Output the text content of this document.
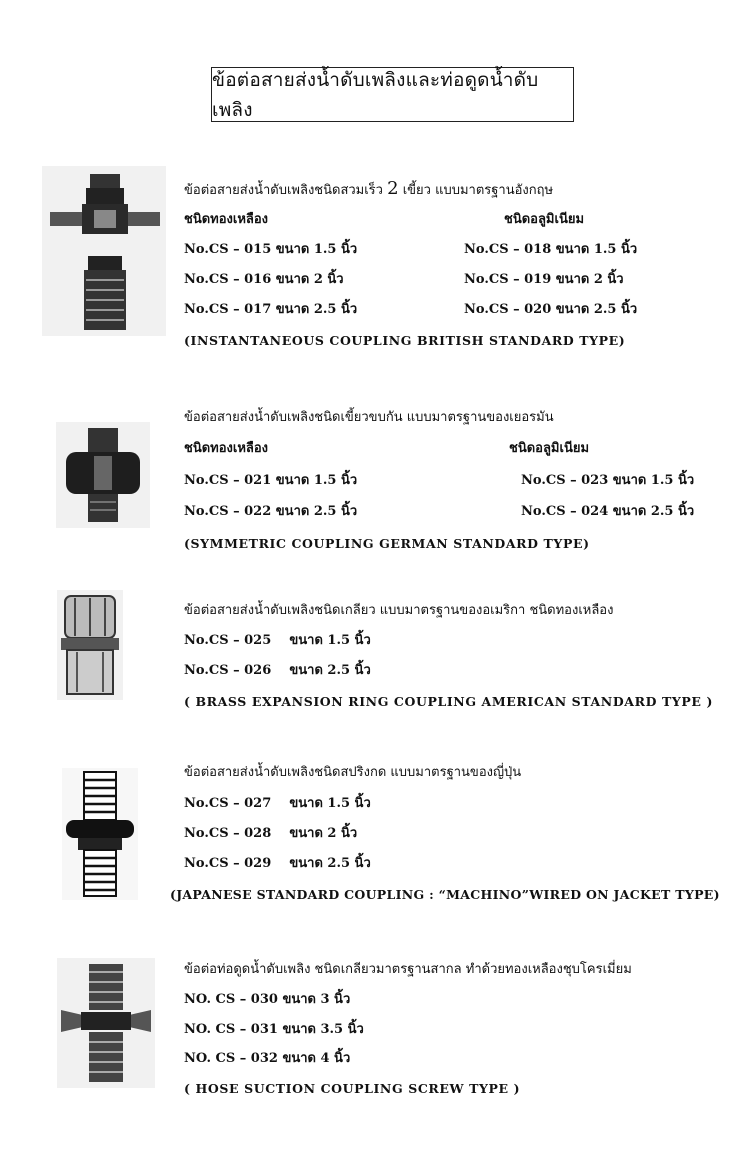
ข้อต่อสายส่งน้ำดับเพลิงและท่อดูดน้ำดับเพลิง
ข้อต่อสายส่งน้ำดับเพลิงชนิดสวมเร็ว 2 เขี้ยว แบบมาตรฐานอังกฤษ
ชนิดทองเหลือง	ชนิดอลูมิเนียม
No.CS – 015 ขนาด 1.5 นิ้ว
No.CS – 016 ขนาด 2 นิ้ว
No.CS – 017 ขนาด 2.5 นิ้ว
No.CS – 018 ขนาด 1.5 นิ้ว
No.CS – 019 ขนาด 2 นิ้ว
No.CS – 020 ขนาด 2.5 นิ้ว
(INSTANTANEOUS COUPLING BRITISH STANDARD TYPE)
ข้อต่อสายส่งน้ำดับเพลิงชนิดเขี้ยวขบกัน แบบมาตรฐานของเยอรมัน
ชนิดทองเหลือง	ชนิดอลูมิเนียม
No.CS – 021 ขนาด 1.5 นิ้ว
No.CS – 022 ขนาด 2.5 นิ้ว
No.CS – 023 ขนาด 1.5 นิ้ว
No.CS – 024 ขนาด 2.5 นิ้ว
(SYMMETRIC COUPLING GERMAN STANDARD TYPE)
ข้อต่อสายส่งน้ำดับเพลิงชนิดเกลียว แบบมาตรฐานของอเมริกา ชนิดทองเหลือง
No.CS – 025    ขนาด 1.5 นิ้ว
No.CS – 026    ขนาด 2.5 นิ้ว
( BRASS EXPANSION RING COUPLING AMERICAN STANDARD TYPE )
ข้อต่อสายส่งน้ำดับเพลิงชนิดสปริงกด แบบมาตรฐานของญี่ปุ่น
No.CS – 027    ขนาด 1.5 นิ้ว
No.CS – 028    ขนาด 2 นิ้ว
No.CS – 029    ขนาด 2.5 นิ้ว
(JAPANESE STANDARD COUPLING : “MACHINO”WIRED ON JACKET TYPE)
ข้อต่อท่อดูดน้ำดับเพลิง ชนิดเกลียวมาตรฐานสากล ทำด้วยทองเหลืองชุบโครเมี่ยม
NO. CS – 030 ขนาด 3 นิ้ว
NO. CS – 031 ขนาด 3.5 นิ้ว
NO. CS – 032 ขนาด 4 นิ้ว
( HOSE SUCTION COUPLING SCREW TYPE )
